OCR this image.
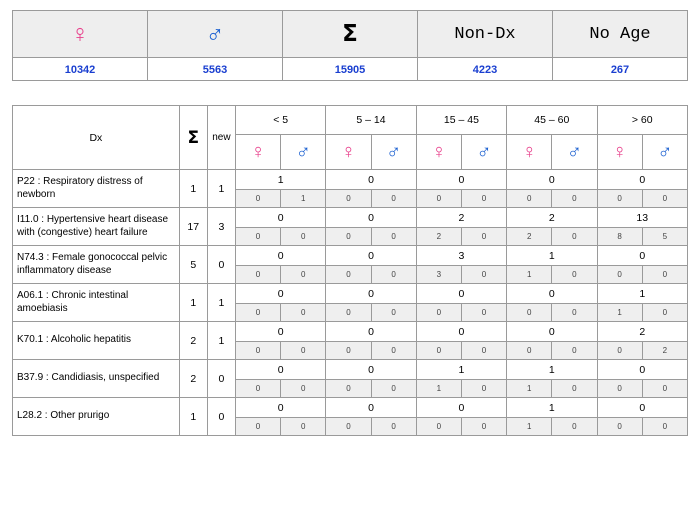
♀	♂	Σ	Non-Dx	No Age
10342	5563	15905	4223	267
Dx	Σ	new	< 5		5 – 14		15 – 45		45 – 60		> 60	
			♀	♂	♀	♂	♀	♂	♀	♂	♀	♂
P22 : Respiratory distress of newborn	1	1	1		0		0		0		0	
			0	1	0	0	0	0	0	0	0	0
I11.0 : Hypertensive heart disease with (congestive) heart failure	17	3	0		0		2		2		13	
			0	0	0	0	2	0	2	0	8	5
N74.3 : Female gonococcal pelvic inflammatory disease	5	0	0		0		3		1		0	
			0	0	0	0	3	0	1	0	0	0
A06.1 : Chronic intestinal amoebiasis	1	1	0		0		0		0		1	
			0	0	0	0	0	0	0	0	1	0
K70.1 : Alcoholic hepatitis	2	1	0		0		0		0		2	
			0	0	0	0	0	0	0	0	0	2
B37.9 : Candidiasis, unspecified	2	0	0		0		1		1		0	
			0	0	0	0	1	0	1	0	0	0
L28.2 : Other prurigo	1	0	0		0		0		1		0	
			0	0	0	0	0	0	1	0	0	0
